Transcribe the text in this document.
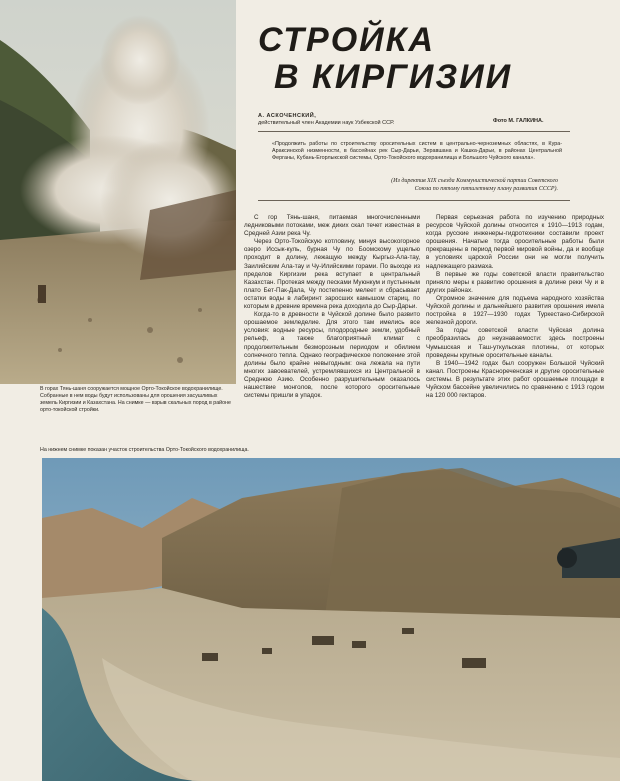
СТРОЙКА
В КИРГИЗИИ
А. АСКОЧЕНСКИЙ,
действительный член Академии наук Узбекской ССР.	Фото М. ГАЛКИНА.
«Продолжить работы по строительству оросительных систем в центрально-черноземных областях, в Кура-Араксинской низменности, в бассейнах рек Сыр-Дарьи, Зеравшана и Кашка-Дарьи, в районах Центральной Ферганы, Кубань-Егорлыкской системы, Орто-Токойского водохранилища и Большого Чуйского канала».
(Из директив XIX съезда Коммунистической партии Советского Союза по пятому пятилетнему плану развития СССР).

С гор Тянь-шаня, питаемая многочисленными ледниковыми потоками, меж диких скал течет известная в Средней Азии река Чу.

Через Орто-Токойскую котловину, минуя высокогорное озеро Иссык-куль, бурная Чу по Боомскому ущелью проходит в долину, лежащую между Кыргыз-Ала-тау, Заилийским Ала-тау и Чу-Илийскими горами. По выходе из пределов Киргизии река вступает в центральный Казахстан. Протекая между песками Муюнкум и пустынным плато Бет-Пак-Дала, Чу постепенно мелеет и сбрасывает остатки воды в лабиринт заросших камышом стариц, по которым в древние времена река доходила до Сыр-Дарьи.

Когда-то в древности в Чуйской долине было развито орошаемое земледелие. Для этого там имелись все условия: водные ресурсы, плодородные земли, удобный рельеф, а также благоприятный климат с продолжительным безморозным периодом и обилием солнечного тепла. Однако географическое положение этой долины было крайне невыгодным: она лежала на пути многих завоевателей, устремлявшихся из Центральной в Среднюю Азию. Особенно разрушительным оказалось нашествие монголов, после которого оросительные системы пришли в упадок.

Первая серьезная работа по изучению природных ресурсов Чуйской долины относится к 1910—1913 годам, когда русские инженеры-гидротехники составили проект орошения. Начатые тогда оросительные работы были прекращены в период первой мировой войны, да и вообще в условиях царской России они не могли получить надлежащего размаха.

В первые же годы советской власти правительство приняло меры к развитию орошения в долине реки Чу и в других районах.

Огромное значение для подъема народного хозяйства Чуйской долины и дальнейшего развития орошения имела постройка в 1927—1930 годах Туркестано-Сибирской железной дороги.

За годы советской власти Чуйская долина преобразилась до неузнаваемости: здесь построены Чумышская и Таш-уткульская плотины, от которых проведены крупные оросительные каналы.

В 1940—1942 годах был сооружен Большой Чуйский канал. Построены Краснореченская и другие оросительные системы. В результате этих работ орошаемые площади в Чуйском бассейне увеличились по сравнению с 1913 годом на 120 000 гектаров.

В горах Тянь-шаня сооружается мощное Орто-Токойское водохранилище. Собранные в нем воды будут использованы для орошения засушливых земель Киргизии и Казахстана. На снимке — взрыв скальных пород в районе орто-токойской стройки.
На нижнем снимке показан участок строительства Орто-Токойского водохранилища.
